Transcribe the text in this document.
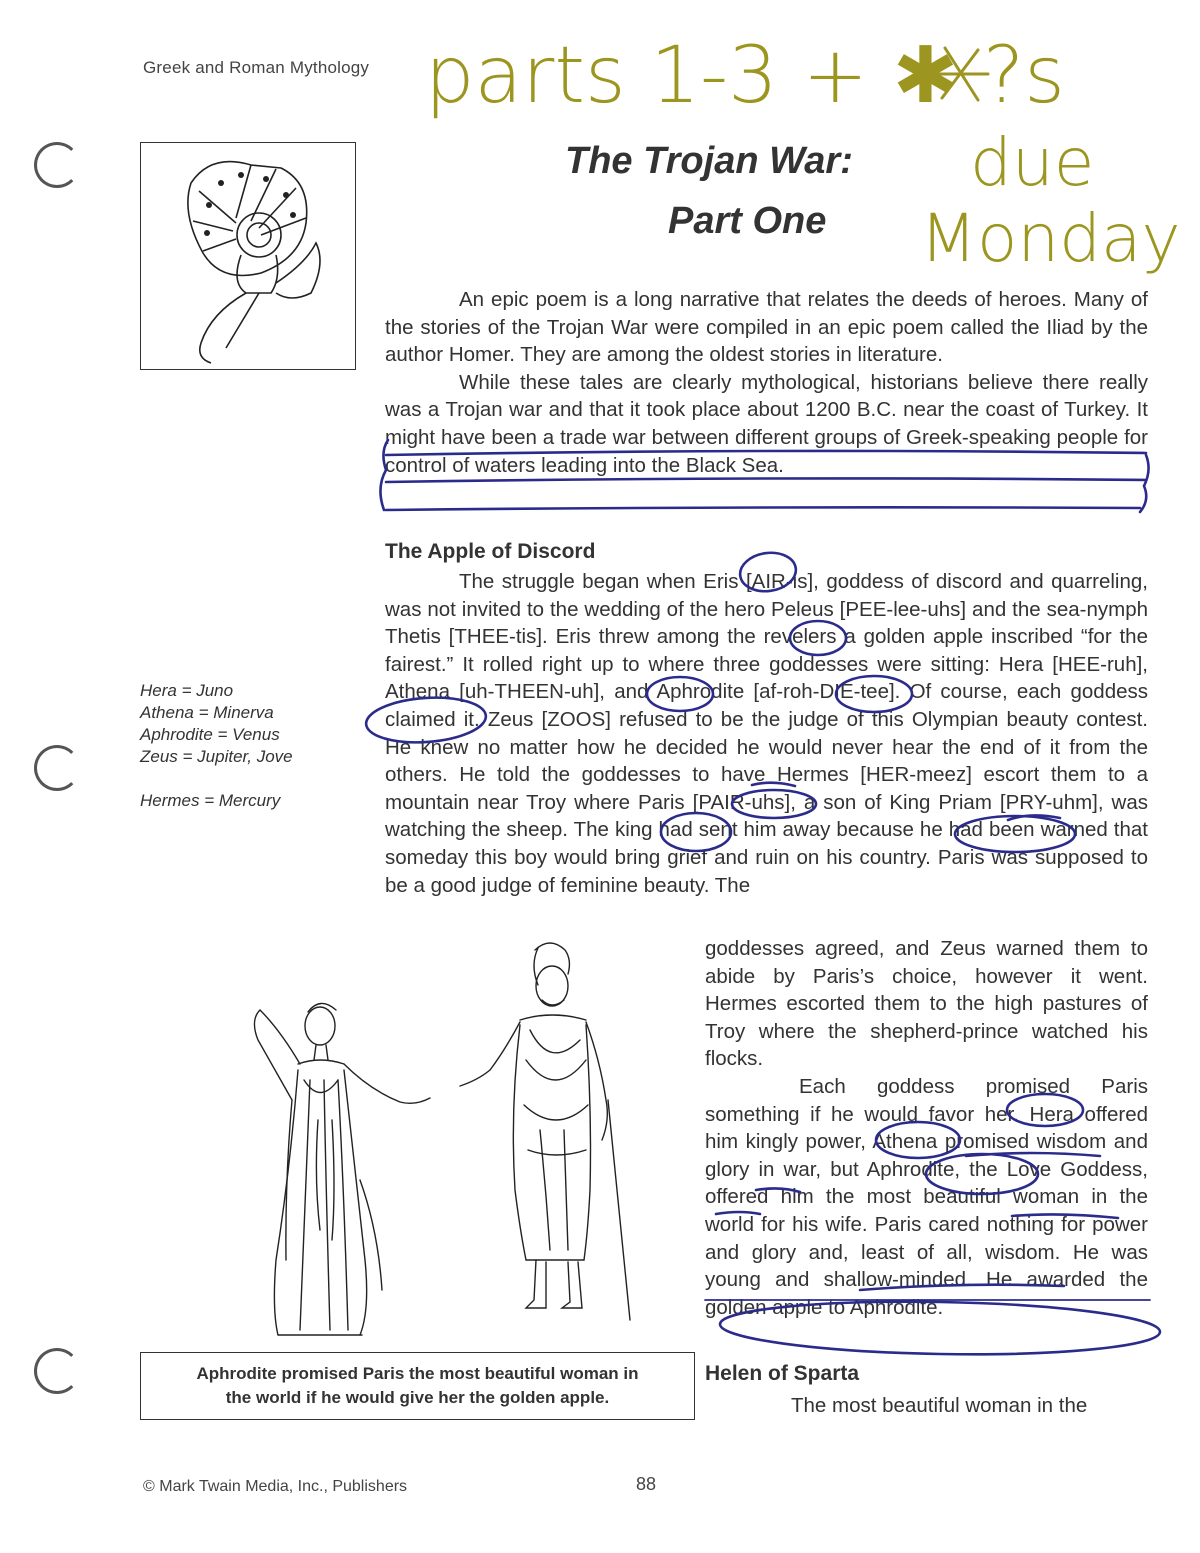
Greek and Roman Mythology parts 1-3 + ✱ ?s
due
Monday
The Trojan War:
Part One

An epic poem is a long narrative that relates the deeds of heroes. Many of the stories of the Trojan War were compiled in an epic poem called the Iliad by the author Homer. They are among the oldest stories in literature.

While these tales are clearly mythological, historians believe there really was a Trojan war and that it took place about 1200 B.C. near the coast of Turkey. It might have been a trade war between different groups of Greek-speaking people for control of waters leading into the Black Sea.

The Apple of Discord

The struggle began when Eris [AIR-is], goddess of discord and quarreling, was not invited to the wedding of the hero Peleus [PEE-lee-uhs] and the sea-nymph Thetis [THEE-tis]. Eris threw among the revelers a golden apple inscribed “for the fairest.” It rolled right up to where three goddesses were sitting: Hera [HEE-ruh], Athena [uh-THEEN-uh], and Aphrodite [af-roh-DIE-tee]. Of course, each goddess claimed it. Zeus [ZOOS] refused to be the judge of this Olympian beauty contest. He knew no matter how he decided he would never hear the end of it from the others. He told the goddesses to have Hermes [HER-meez] escort them to a mountain near Troy where Paris [PAIR-uhs], a son of King Priam [PRY-uhm], was watching the sheep. The king had sent him away because he had been warned that someday this boy would bring grief and ruin on his country. Paris was supposed to be a good judge of feminine beauty. The

goddesses agreed, and Zeus warned them to abide by Paris’s choice, however it went. Hermes escorted them to the high pastures of Troy where the shepherd-prince watched his flocks.

Each goddess promised Paris something if he would favor her. Hera offered him kingly power, Athena promised wisdom and glory in war, but Aphrodite, the Love Goddess, offered him the most beautiful woman in the world for his wife. Paris cared nothing for power and glory and, least of all, wisdom. He was young and shallow-minded. He awarded the golden apple to Aphrodite.

Helen of Sparta

The most beautiful woman in the

Hera = Juno
Athena = Minerva
Aphrodite = Venus
Zeus = Jupiter, Jove
Hermes = Mercury
Aphrodite promised Paris the most beautiful woman in
the world if he would give her the golden apple.
© Mark Twain Media, Inc., Publishers	88
